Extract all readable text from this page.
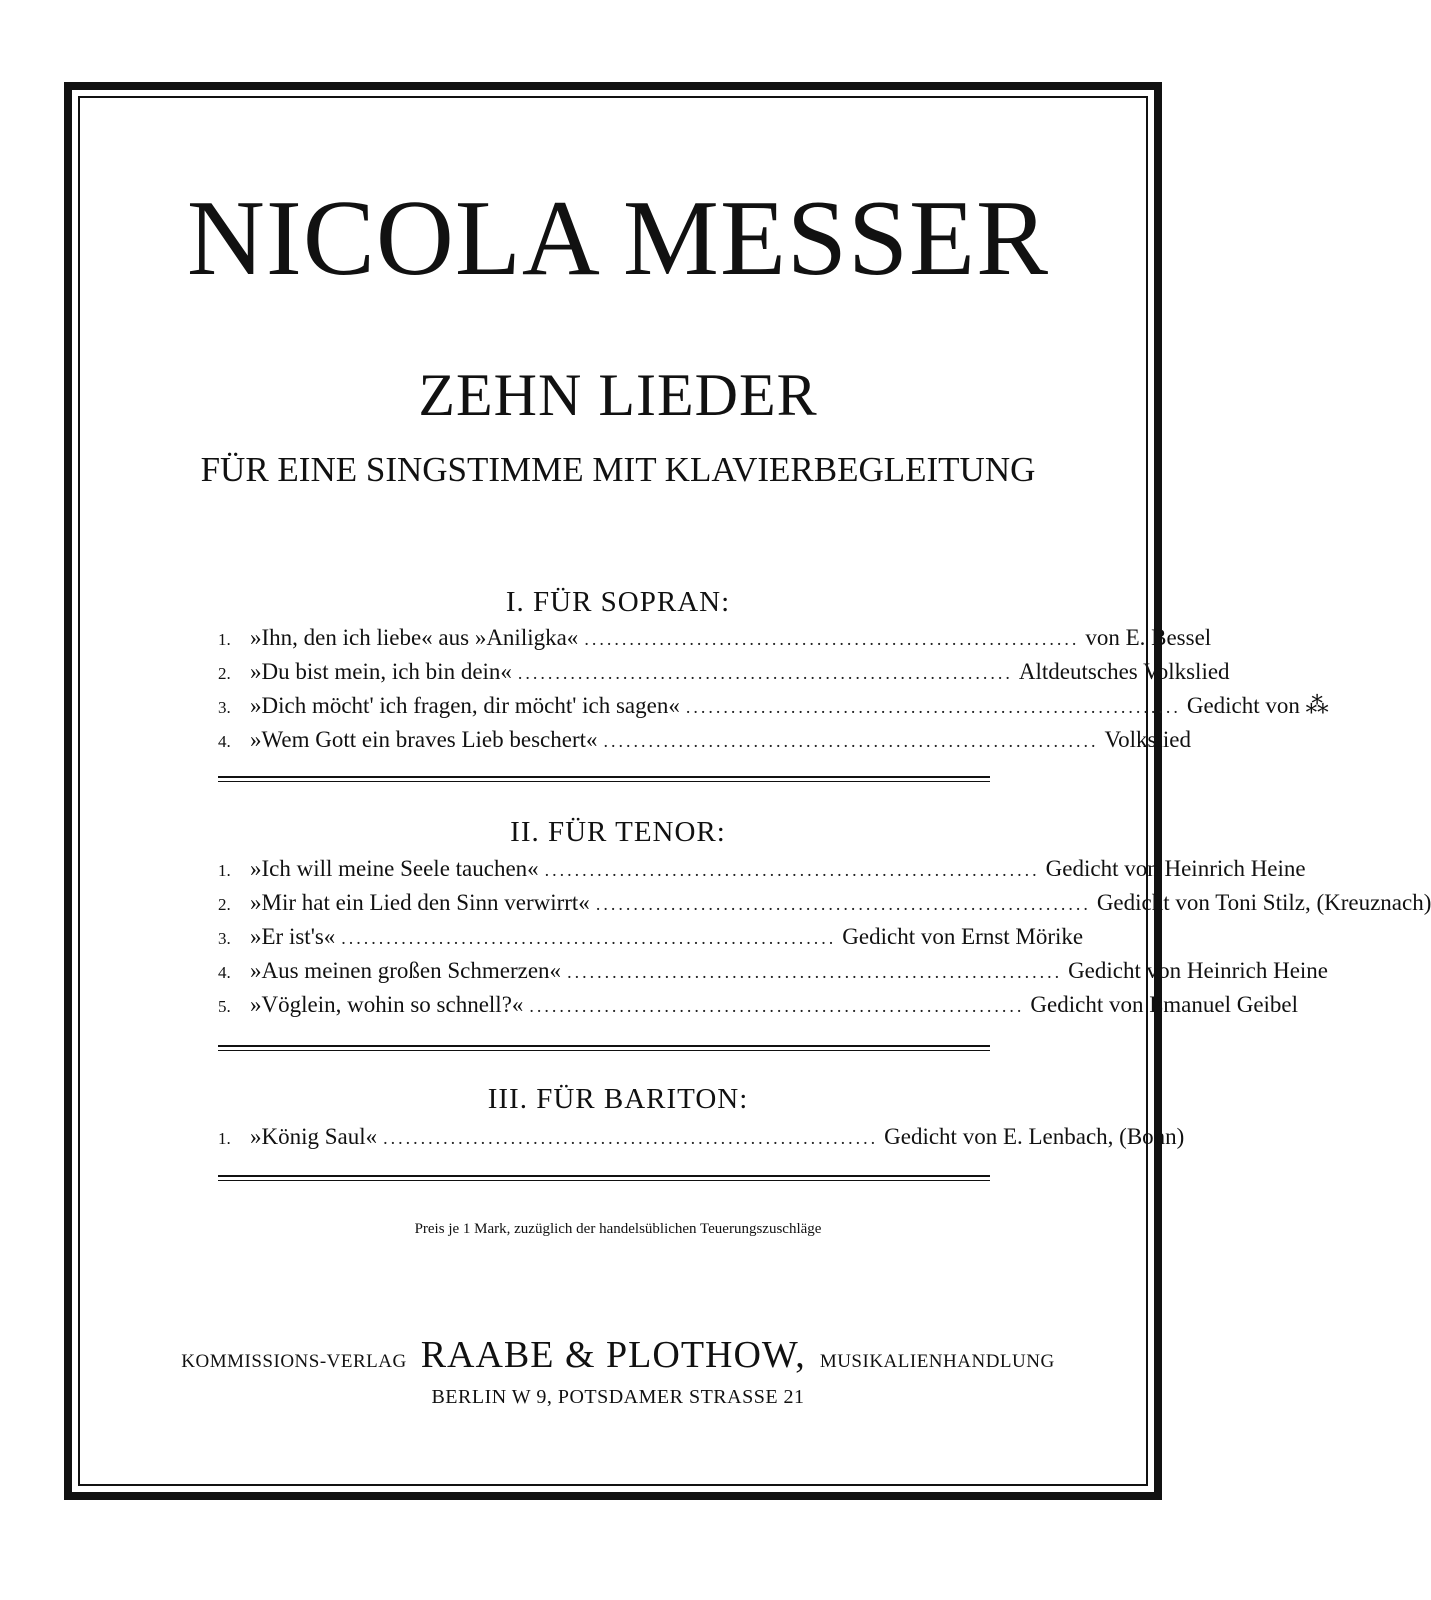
NICOLA MESSER
ZEHN LIEDER
FÜR EINE SINGSTIMME MIT KLAVIERBEGLEITUNG
I. FÜR SOPRAN:
1. »Ihn, den ich liebe« aus »Aniligka« .................................................................. von E. Bessel
2. »Du bist mein, ich bin dein« .................................................................. Altdeutsches Volkslied
3. »Dich möcht' ich fragen, dir möcht' ich sagen« .................................................................. Gedicht von ⁂
4. »Wem Gott ein braves Lieb beschert« .................................................................. Volkslied
II. FÜR TENOR:
1. »Ich will meine Seele tauchen« .................................................................. Gedicht von Heinrich Heine
2. »Mir hat ein Lied den Sinn verwirrt« .................................................................. Gedicht von Toni Stilz, (Kreuznach)
3. »Er ist's« .................................................................. Gedicht von Ernst Mörike
4. »Aus meinen großen Schmerzen« .................................................................. Gedicht von Heinrich Heine
5. »Vöglein, wohin so schnell?« .................................................................. Gedicht von Emanuel Geibel
III. FÜR BARITON:
1. »König Saul« .................................................................. Gedicht von E. Lenbach, (Bonn)
Preis je 1 Mark, zuzüglich der handelsüblichen Teuerungszuschläge
KOMMISSIONS-VERLAG RAABE & PLOTHOW, MUSIKALIENHANDLUNG
BERLIN W 9, POTSDAMER STRASSE 21
